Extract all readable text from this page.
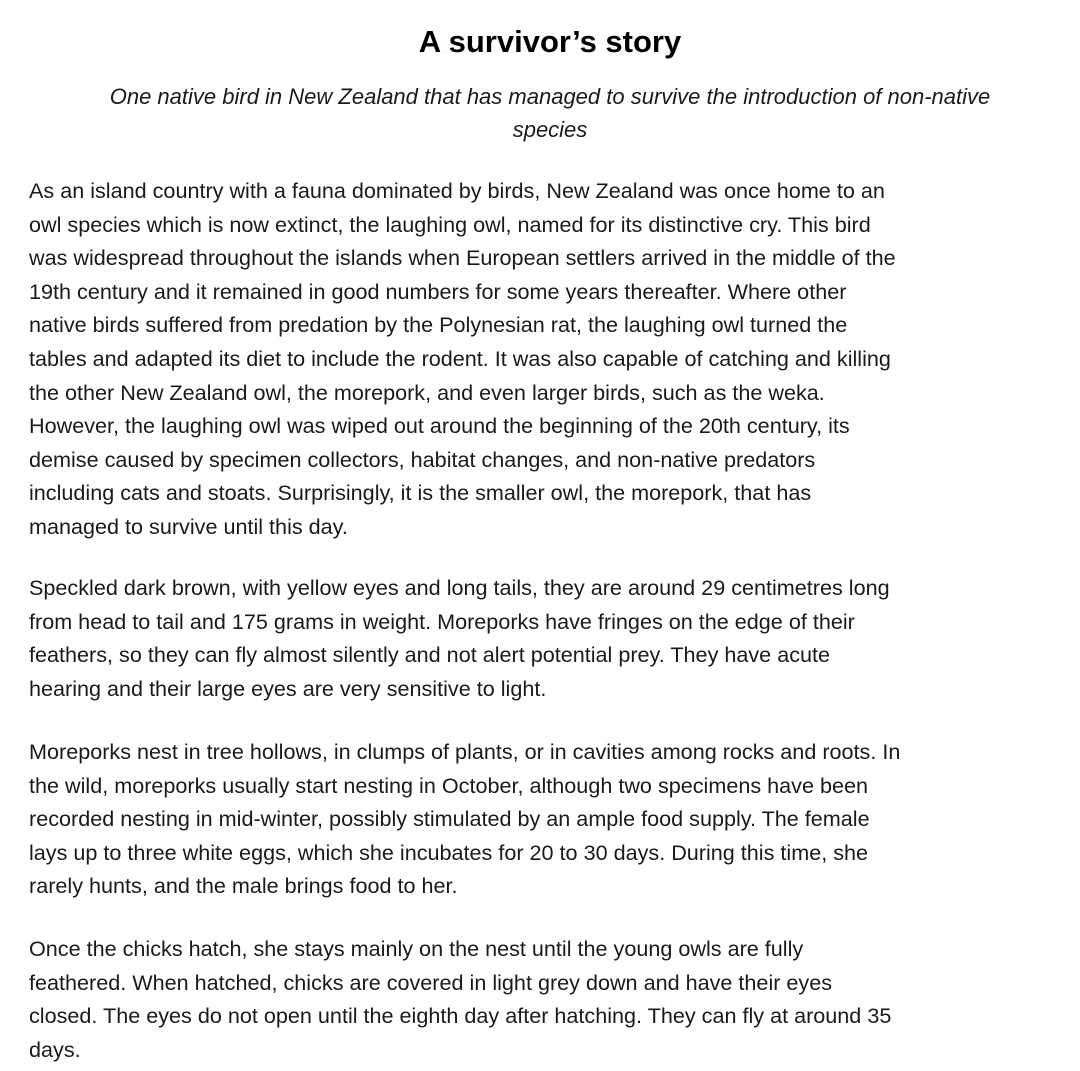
A survivor’s story
One native bird in New Zealand that has managed to survive the introduction of non-native
species

As an island country with a fauna dominated by birds, New Zealand was once home to an
owl species which is now extinct, the laughing owl, named for its distinctive cry. This bird
was widespread throughout the islands when European settlers arrived in the middle of the
19th century and it remained in good numbers for some years thereafter. Where other
native birds suffered from predation by the Polynesian rat, the laughing owl turned the
tables and adapted its diet to include the rodent. It was also capable of catching and killing
the other New Zealand owl, the morepork, and even larger birds, such as the weka.
However, the laughing owl was wiped out around the beginning of the 20th century, its
demise caused by specimen collectors, habitat changes, and non-native predators
including cats and stoats. Surprisingly, it is the smaller owl, the morepork, that has
managed to survive until this day.

Speckled dark brown, with yellow eyes and long tails, they are around 29 centimetres long
from head to tail and 175 grams in weight. Moreporks have fringes on the edge of their
feathers, so they can fly almost silently and not alert potential prey. They have acute
hearing and their large eyes are very sensitive to light.

Moreporks nest in tree hollows, in clumps of plants, or in cavities among rocks and roots. In
the wild, moreporks usually start nesting in October, although two specimens have been
recorded nesting in mid-winter, possibly stimulated by an ample food supply. The female
lays up to three white eggs, which she incubates for 20 to 30 days. During this time, she
rarely hunts, and the male brings food to her.

Once the chicks hatch, she stays mainly on the nest until the young owls are fully
feathered. When hatched, chicks are covered in light grey down and have their eyes
closed. The eyes do not open until the eighth day after hatching. They can fly at around 35
days.
